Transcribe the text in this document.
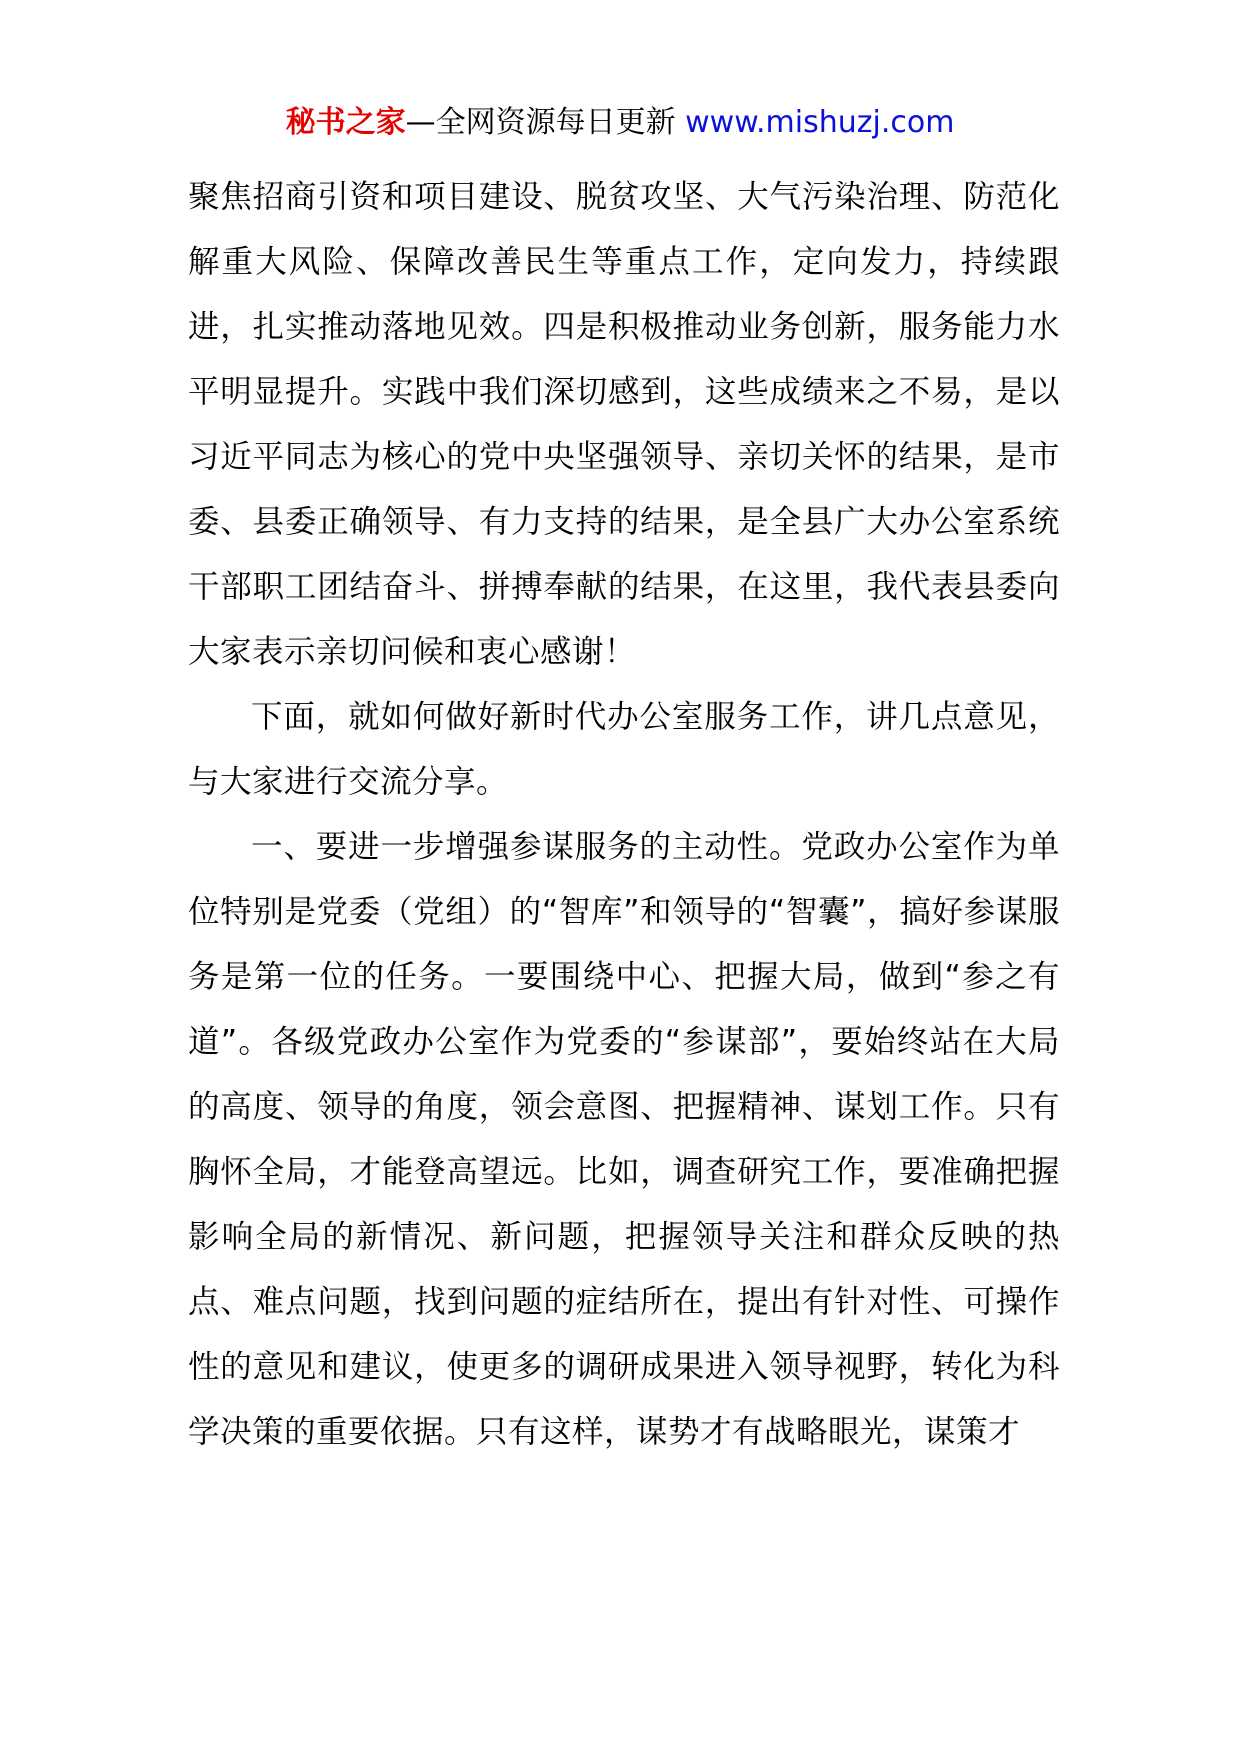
秘书之家—全网资源每日更新 www.mishuzj.com

聚焦招商引资和项目建设、脱贫攻坚、大气污染治理、防范化解重大风险、保障改善民生等重点工作，定向发力，持续跟进，扎实推动落地见效。四是积极推动业务创新，服务能力水平明显提升。实践中我们深切感到，这些成绩来之不易，是以习近平同志为核心的党中央坚强领导、亲切关怀的结果，是市委、县委正确领导、有力支持的结果，是全县广大办公室系统干部职工团结奋斗、拼搏奉献的结果，在这里，我代表县委向大家表示亲切问候和衷心感谢！

下面，就如何做好新时代办公室服务工作，讲几点意见，与大家进行交流分享。

一、要进一步增强参谋服务的主动性。党政办公室作为单位特别是党委（党组）的“智库”和领导的“智囊”，搞好参谋服务是第一位的任务。一要围绕中心、把握大局，做到“参之有道”。各级党政办公室作为党委的“参谋部”，要始终站在大局的高度、领导的角度，领会意图、把握精神、谋划工作。只有胸怀全局，才能登高望远。比如，调查研究工作，要准确把握影响全局的新情况、新问题，把握领导关注和群众反映的热点、难点问题，找到问题的症结所在，提出有针对性、可操作性的意见和建议，使更多的调研成果进入领导视野，转化为科学决策的重要依据。只有这样，谋势才有战略眼光，谋策才
